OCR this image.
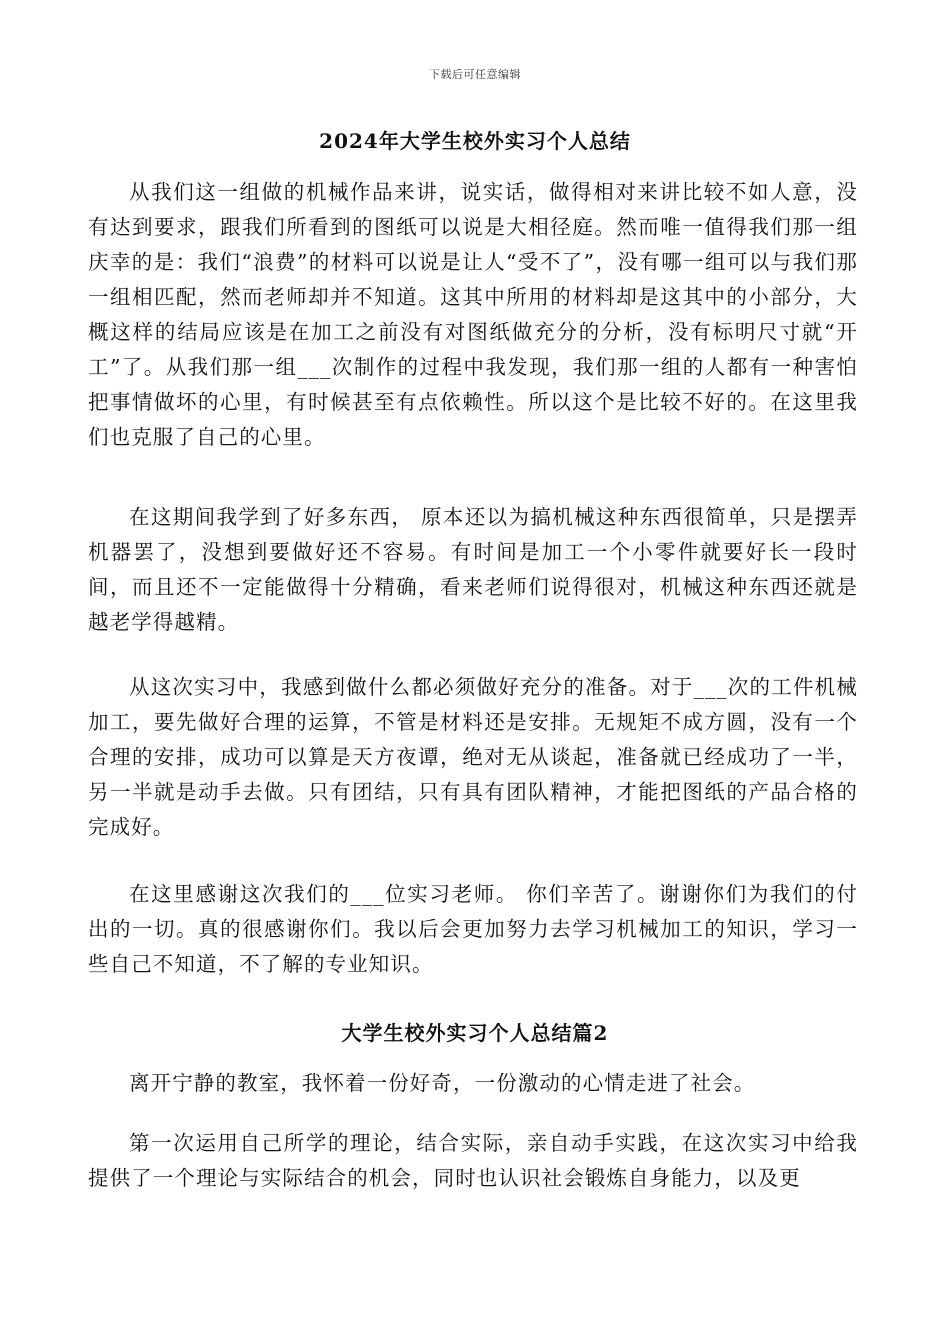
下载后可任意编辑
2024年大学生校外实习个人总结

从我们这一组做的机械作品来讲，说实话，做得相对来讲比较不如人意，没有达到要求，跟我们所看到的图纸可以说是大相径庭。然而唯一值得我们那一组庆幸的是：我们“浪费”的材料可以说是让人“受不了”，没有哪一组可以与我们那一组相匹配，然而老师却并不知道。这其中所用的材料却是这其中的小部分，大概这样的结局应该是在加工之前没有对图纸做充分的分析，没有标明尺寸就“开工”了。从我们那一组___次制作的过程中我发现，我们那一组的人都有一种害怕把事情做坏的心里，有时候甚至有点依赖性。所以这个是比较不好的。在这里我们也克服了自己的心里。

在这期间我学到了好多东西， 原本还以为搞机械这种东西很简单，只是摆弄机器罢了，没想到要做好还不容易。有时间是加工一个小零件就要好长一段时间，而且还不一定能做得十分精确，看来老师们说得很对，机械这种东西还就是越老学得越精。

从这次实习中，我感到做什么都必须做好充分的准备。对于___次的工件机械加工，要先做好合理的运算，不管是材料还是安排。无规矩不成方圆，没有一个合理的安排，成功可以算是天方夜谭，绝对无从谈起，准备就已经成功了一半，另一半就是动手去做。只有团结，只有具有团队精神，才能把图纸的产品合格的完成好。

在这里感谢这次我们的___位实习老师。 你们辛苦了。谢谢你们为我们的付出的一切。真的很感谢你们。我以后会更加努力去学习机械加工的知识，学习一些自己不知道，不了解的专业知识。

大学生校外实习个人总结篇2

离开宁静的教室，我怀着一份好奇，一份激动的心情走进了社会。

第一次运用自己所学的理论，结合实际，亲自动手实践，在这次实习中给我提供了一个理论与实际结合的机会，同时也认识社会锻炼自身能力，以及更
